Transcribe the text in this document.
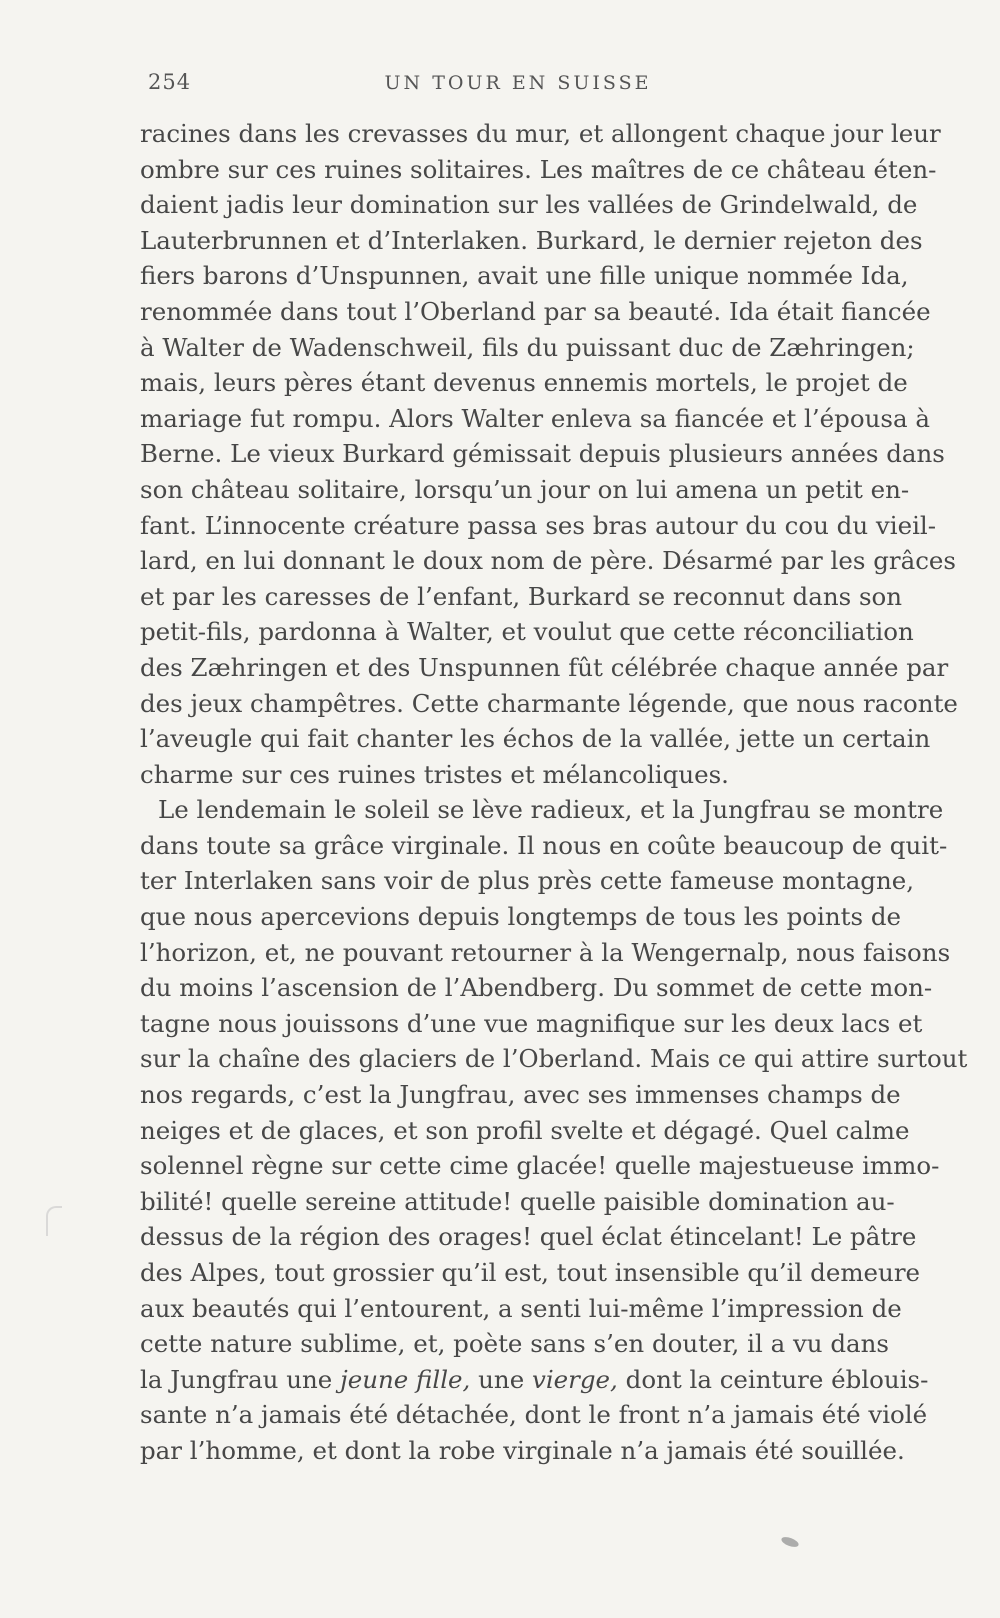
254	UN TOUR EN SUISSE
racines dans les crevasses du mur, et allongent chaque jour leur
ombre sur ces ruines solitaires. Les maîtres de ce château éten-
daient jadis leur domination sur les vallées de Grindelwald, de
Lauterbrunnen et d’Interlaken. Burkard, le dernier rejeton des
fiers barons d’Unspunnen, avait une fille unique nommée Ida,
renommée dans tout l’Oberland par sa beauté. Ida était fiancée
à Walter de Wadenschweil, fils du puissant duc de Zæhringen;
mais, leurs pères étant devenus ennemis mortels, le projet de
mariage fut rompu. Alors Walter enleva sa fiancée et l’épousa à
Berne. Le vieux Burkard gémissait depuis plusieurs années dans
son château solitaire, lorsqu’un jour on lui amena un petit en-
fant. L’innocente créature passa ses bras autour du cou du vieil-
lard, en lui donnant le doux nom de père. Désarmé par les grâces
et par les caresses de l’enfant, Burkard se reconnut dans son
petit-fils, pardonna à Walter, et voulut que cette réconciliation
des Zæhringen et des Unspunnen fût célébrée chaque année par
des jeux champêtres. Cette charmante légende, que nous raconte
l’aveugle qui fait chanter les échos de la vallée, jette un certain
charme sur ces ruines tristes et mélancoliques.
Le lendemain le soleil se lève radieux, et la Jungfrau se montre
dans toute sa grâce virginale. Il nous en coûte beaucoup de quit-
ter Interlaken sans voir de plus près cette fameuse montagne,
que nous apercevions depuis longtemps de tous les points de
l’horizon, et, ne pouvant retourner à la Wengernalp, nous faisons
du moins l’ascension de l’Abendberg. Du sommet de cette mon-
tagne nous jouissons d’une vue magnifique sur les deux lacs et
sur la chaîne des glaciers de l’Oberland. Mais ce qui attire surtout
nos regards, c’est la Jungfrau, avec ses immenses champs de
neiges et de glaces, et son profil svelte et dégagé. Quel calme
solennel règne sur cette cime glacée! quelle majestueuse immo-
bilité! quelle sereine attitude! quelle paisible domination au-
dessus de la région des orages! quel éclat étincelant! Le pâtre
des Alpes, tout grossier qu’il est, tout insensible qu’il demeure
aux beautés qui l’entourent, a senti lui-même l’impression de
cette nature sublime, et, poète sans s’en douter, il a vu dans
la Jungfrau une jeune fille, une vierge, dont la ceinture éblouis-
sante n’a jamais été détachée, dont le front n’a jamais été violé
par l’homme, et dont la robe virginale n’a jamais été souillée.
